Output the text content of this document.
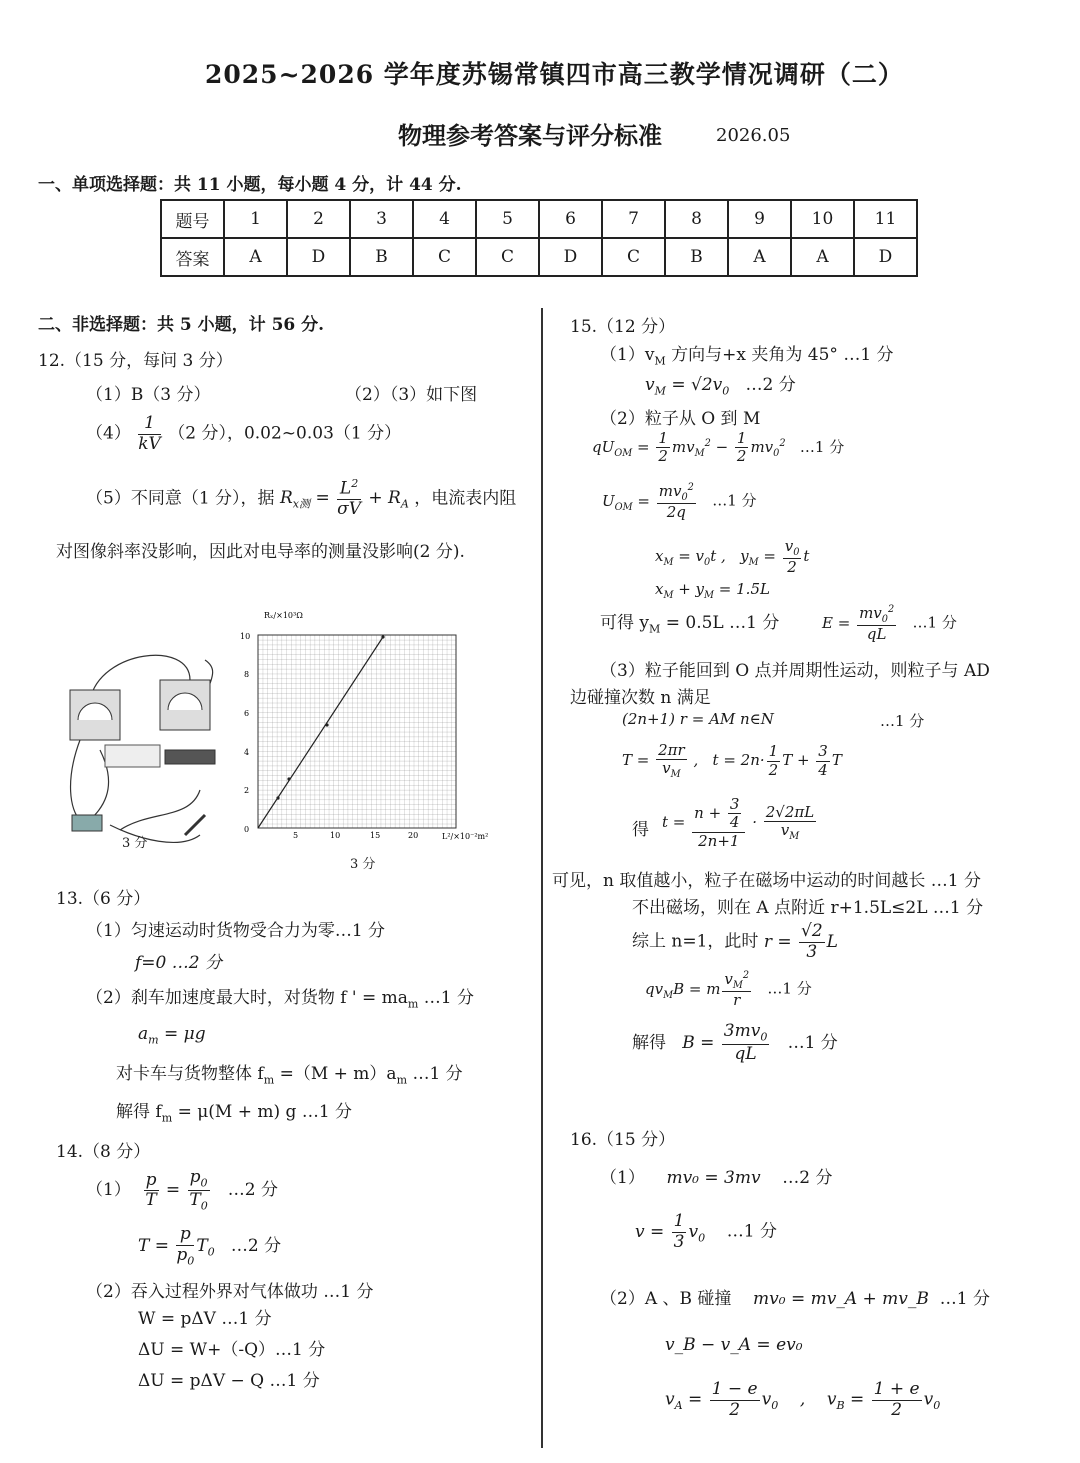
2025~2026 学年度苏锡常镇四市高三教学情况调研（二）
物理参考答案与评分标准	2026.05
一、单项选择题：共 11 小题，每小题 4 分，计 44 分.
题号	1	2	3	4	5	6	7	8	9	10	11
答案	A	D	B	C	C	D	C	B	A	A	D
二、非选择题：共 5 小题，计 56 分.
12.（15 分，每问 3 分）
（1）B（3 分）	（2）（3）如下图
$(4) \frac{1}{kV} (2$ 分），0.02~0.03（1 分）
（5）不同意（1 分），据 $R_{x测} = \frac{L^2}{\sigma V} + R_A$ ，电流表内阻
对图像斜率没影响，因此对电导率的测量没影响(2 分).
3 分
Rₓ/×10³Ω
L²/×10⁻²m²
0
2
4
6
8
10
5	10	15	20
3 分
13.（6 分）
（1）匀速运动时货物受合力为零…1 分
f=0 …2 分
（2）刹车加速度最大时，对货物 f ' = $ma_m$ …1 分
$a_m = \mu g$
对卡车与货物整体 $f_m =(M + m)a_m$ …1 分
解得 $f_m = \mu(M + m)$ g …1 分
14.（8 分）
$(1) \frac{p}{T} = \frac{p_0}{T_0}$ …2 分
$T = \frac{p}{p_0} T_0$ …2 分
（2）吞入过程外界对气体做功 …1 分
W = pΔV …1 分
ΔU = W+（-Q）…1 分
ΔU = pΔV − Q …1 分
15.（12 分）
$(1)v_M$ 方向与+x 夹角为 45° …1 分
$v_M = √2v_0$ …2 分
（2）粒子从 O 到 M
$qU_{OM} = \frac{1}{2} mv_M^2 - \frac{1}{2} mv_0^2$ …1 分
$U_{OM} = \frac{mv_0^2}{2q}$ …1 分
$x_M = v_0t$ ,   $y_M = \frac{v_0}{2}$ t
$x_M + y_M = 1.5L$
可得 $y_M = 0.5L$ …1 分	$E = \frac{mv_0^2}{qL}$ …1 分
（3）粒子能回到 O 点并周期性运动，则粒子与 AD
边碰撞次数 n 满足
(2n+1) r = AM n∈N	…1 分
$T = \frac{2\pi r}{v_M}$ ,   $t = 2n\cdot \frac{1}{2}$ $T + \frac{3}{4}$ T
得 $t = \frac{n + \frac{3}{4}}{2n+1} \cdot \frac{2√2\pi L}{v_M}$
可见，n 取值越小，粒子在磁场中运动的时间越长 …1 分
不出磁场，则在 A 点附近 r+1.5L≤2L …1 分
综上 n=1，此时 $r = \frac{√2}{3}$ L
$qv_MB = m \frac{v_M^2}{r}$ …1 分
解得 $B = \frac{3mv_0}{qL}$ …1 分
16.（15 分）
（1） mv₀ = 3mv …2 分
$v = \frac{1}{3} v_0$ …1 分
（2）A 、B 碰撞 mv₀ = mv_A + mv_B …1 分
v_B − v_A = ev₀
$v_A = \frac{1 - e}{2} v_0$    ,    $v_B = \frac{1 + e}{2} v_0$
